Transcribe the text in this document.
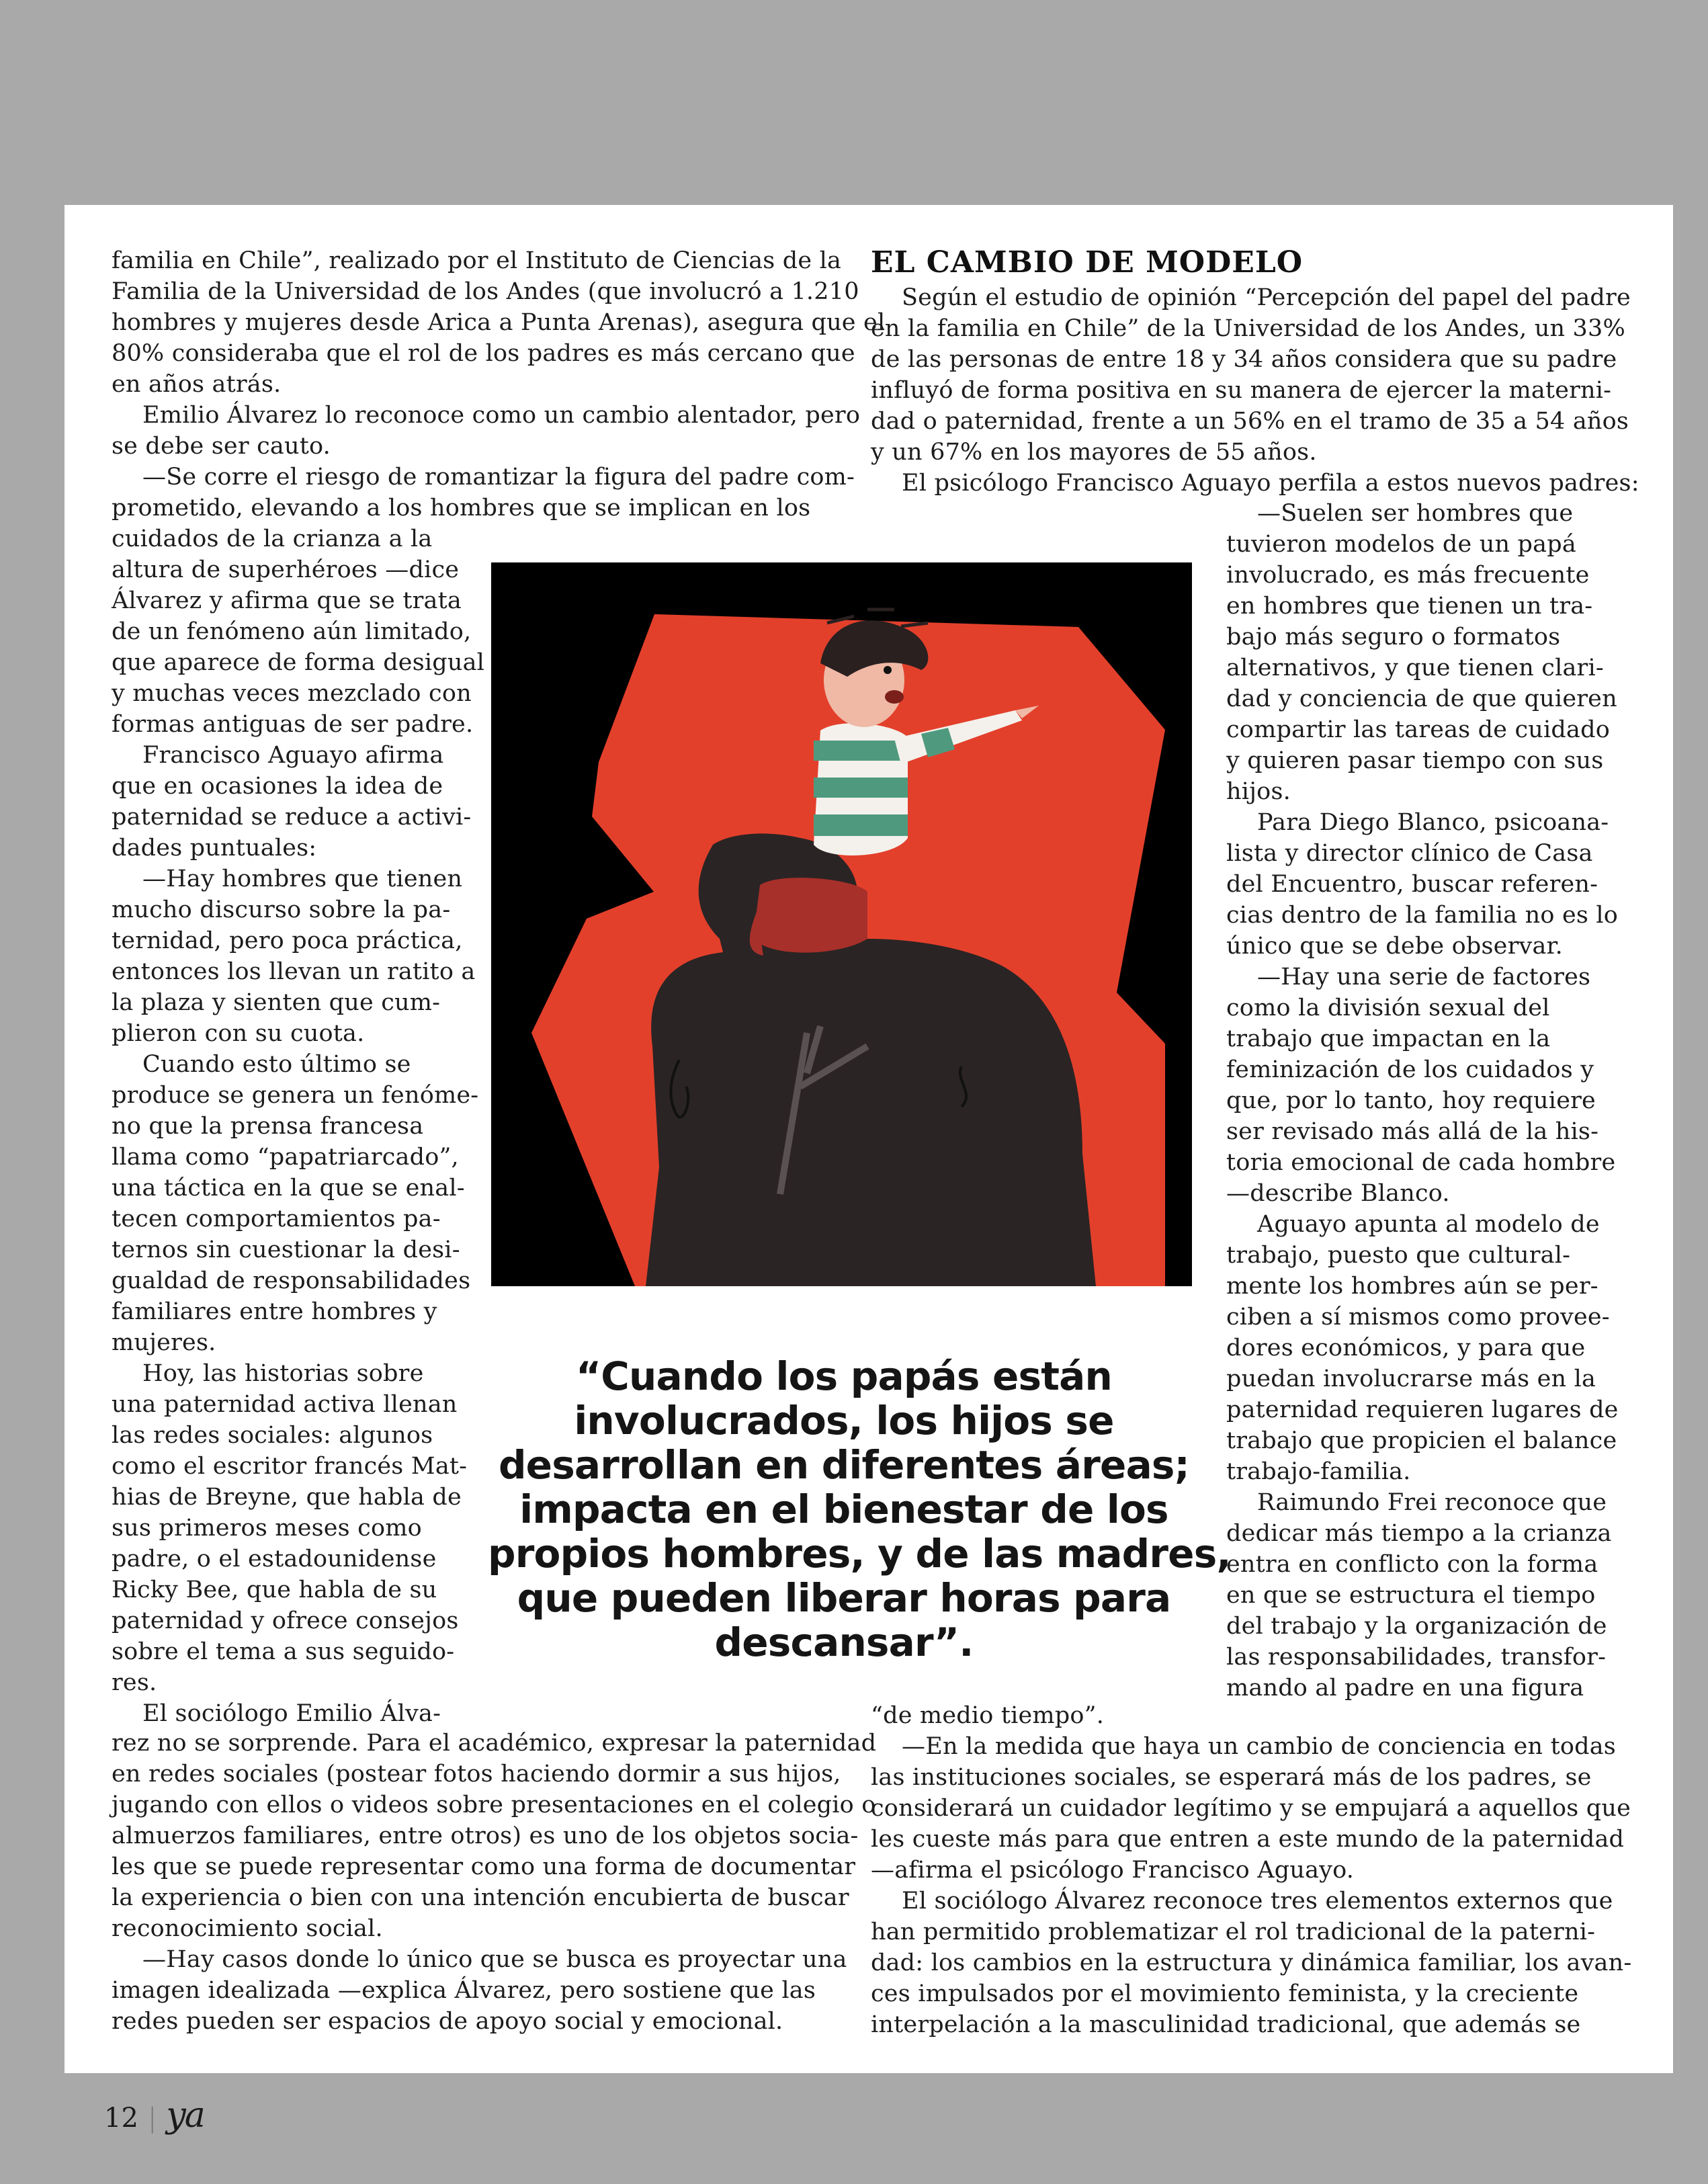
familia en Chile”, realizado por el Instituto de Ciencias de la
Familia de la Universidad de los Andes (que involucró a 1.210
hombres y mujeres desde Arica a Punta Arenas), asegura que el
80% consideraba que el rol de los padres es más cercano que
en años atrás.
Emilio Álvarez lo reconoce como un cambio alentador, pero
se debe ser cauto.
—Se corre el riesgo de romantizar la figura del padre com-
prometido, elevando a los hombres que se implican en los
cuidados de la crianza a la
altura de superhéroes —dice
Álvarez y afirma que se trata
de un fenómeno aún limitado,
que aparece de forma desigual
y muchas veces mezclado con
formas antiguas de ser padre.
Francisco Aguayo afirma
que en ocasiones la idea de
paternidad se reduce a activi-
dades puntuales:
—Hay hombres que tienen
mucho discurso sobre la pa-
ternidad, pero poca práctica,
entonces los llevan un ratito a
la plaza y sienten que cum-
plieron con su cuota.
Cuando esto último se
produce se genera un fenóme-
no que la prensa francesa
llama como “papatriarcado”,
una táctica en la que se enal-
tecen comportamientos pa-
ternos sin cuestionar la desi-
gualdad de responsabilidades
familiares entre hombres y
mujeres.
Hoy, las historias sobre
una paternidad activa llenan
las redes sociales: algunos
como el escritor francés Mat-
hias de Breyne, que habla de
sus primeros meses como
padre, o el estadounidense
Ricky Bee, que habla de su
paternidad y ofrece consejos
sobre el tema a sus seguido-
res.
El sociólogo Emilio Álva-
rez no se sorprende. Para el académico, expresar la paternidad
en redes sociales (postear fotos haciendo dormir a sus hijos,
jugando con ellos o videos sobre presentaciones en el colegio o
almuerzos familiares, entre otros) es uno de los objetos socia-
les que se puede representar como una forma de documentar
la experiencia o bien con una intención encubierta de buscar
reconocimiento social.
—Hay casos donde lo único que se busca es proyectar una
imagen idealizada —explica Álvarez, pero sostiene que las
redes pueden ser espacios de apoyo social y emocional.
Según el estudio de opinión “Percepción del papel del padre
en la familia en Chile” de la Universidad de los Andes, un 33%
de las personas de entre 18 y 34 años considera que su padre
influyó de forma positiva en su manera de ejercer la materni-
dad o paternidad, frente a un 56% en el tramo de 35 a 54 años
y un 67% en los mayores de 55 años.
El psicólogo Francisco Aguayo perfila a estos nuevos padres:
—Suelen ser hombres que
tuvieron modelos de un papá
involucrado, es más frecuente
en hombres que tienen un tra-
bajo más seguro o formatos
alternativos, y que tienen clari-
dad y conciencia de que quieren
compartir las tareas de cuidado
y quieren pasar tiempo con sus
hijos.
Para Diego Blanco, psicoana-
lista y director clínico de Casa
del Encuentro, buscar referen-
cias dentro de la familia no es lo
único que se debe observar.
—Hay una serie de factores
como la división sexual del
trabajo que impactan en la
feminización de los cuidados y
que, por lo tanto, hoy requiere
ser revisado más allá de la his-
toria emocional de cada hombre
—describe Blanco.
Aguayo apunta al modelo de
trabajo, puesto que cultural-
mente los hombres aún se per-
ciben a sí mismos como provee-
dores económicos, y para que
puedan involucrarse más en la
paternidad requieren lugares de
trabajo que propicien el balance
trabajo-familia.
Raimundo Frei reconoce que
dedicar más tiempo a la crianza
entra en conflicto con la forma
en que se estructura el tiempo
del trabajo y la organización de
las responsabilidades, transfor-
mando al padre en una figura
“de medio tiempo”.
—En la medida que haya un cambio de conciencia en todas
las instituciones sociales, se esperará más de los padres, se
considerará un cuidador legítimo y se empujará a aquellos que
les cueste más para que entren a este mundo de la paternidad
—afirma el psicólogo Francisco Aguayo.
El sociólogo Álvarez reconoce tres elementos externos que
han permitido problematizar el rol tradicional de la paterni-
dad: los cambios en la estructura y dinámica familiar, los avan-
ces impulsados por el movimiento feminista, y la creciente
interpelación a la masculinidad tradicional, que además se
EL CAMBIO DE MODELO
“Cuando los papás están
involucrados, los hijos se
desarrollan en diferentes áreas;
impacta en el bienestar de los
propios hombres, y de las madres,
que pueden liberar horas para
descansar”.
12 | ya
